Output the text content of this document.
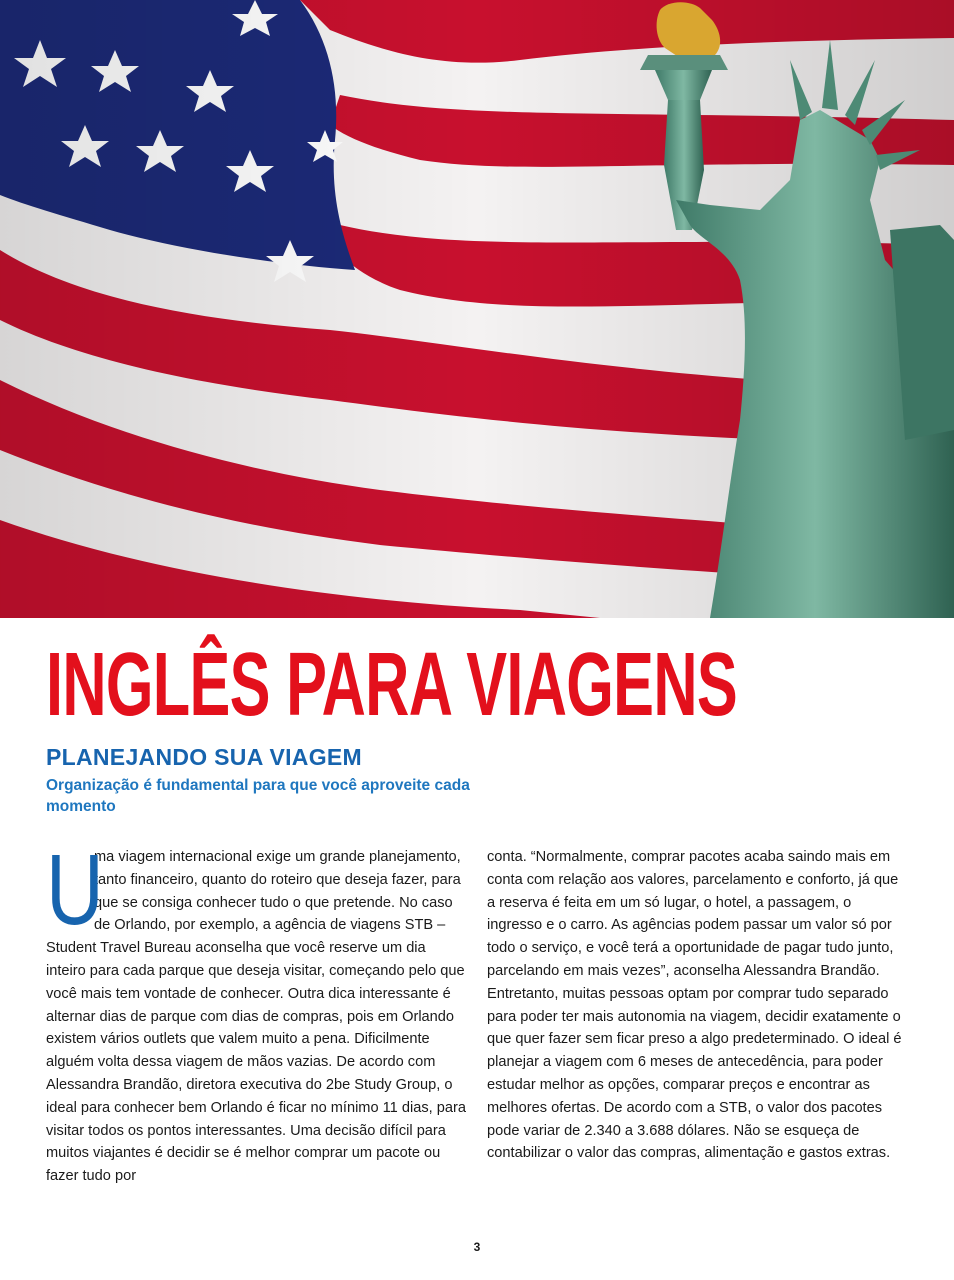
INGLÊS PARA VIAGENS
PLANEJANDO SUA VIAGEM

Organização é fundamental para que você aproveite cada momento

U
ma viagem internacional exige um grande planejamento, tanto financeiro, quanto do roteiro que deseja fazer, para que se consiga conhecer tudo o que pretende. No caso de Orlando, por exemplo, a agência de viagens STB – Student Travel Bureau aconselha que você reserve um dia inteiro para cada parque que deseja visitar, começando pelo que você mais tem vontade de conhecer. Outra dica interessante é alternar dias de parque com dias de compras, pois em Orlando existem vários outlets que valem muito a pena. Dificilmente alguém volta dessa viagem de mãos vazias. De acordo com Alessandra Brandão, diretora executiva do 2be Study Group, o ideal para conhecer bem Orlando é ficar no mínimo 11 dias, para visitar todos os pontos interessantes. Uma decisão difícil para muitos viajantes é decidir se é melhor comprar um pacote ou fazer tudo por
conta. “Normalmente, comprar pacotes acaba saindo mais em conta com relação aos valores, parcelamento e conforto, já que a reserva é feita em um só lugar, o hotel, a passagem, o ingresso e o carro. As agências podem passar um valor só por todo o serviço, e você terá a oportunidade de pagar tudo junto, parcelando em mais vezes”, aconselha Alessandra Brandão. Entretanto, muitas pessoas optam por comprar tudo separado para poder ter mais autonomia na viagem, decidir exatamente o que quer fazer sem ficar preso a algo predeterminado. O ideal é planejar a viagem com 6 meses de antecedência, para poder estudar melhor as opções, comparar preços e encontrar as melhores ofertas. De acordo com a STB, o valor dos pacotes pode variar de 2.340 a 3.688 dólares. Não se esqueça de contabilizar o valor das compras, alimentação e gastos extras.
3
